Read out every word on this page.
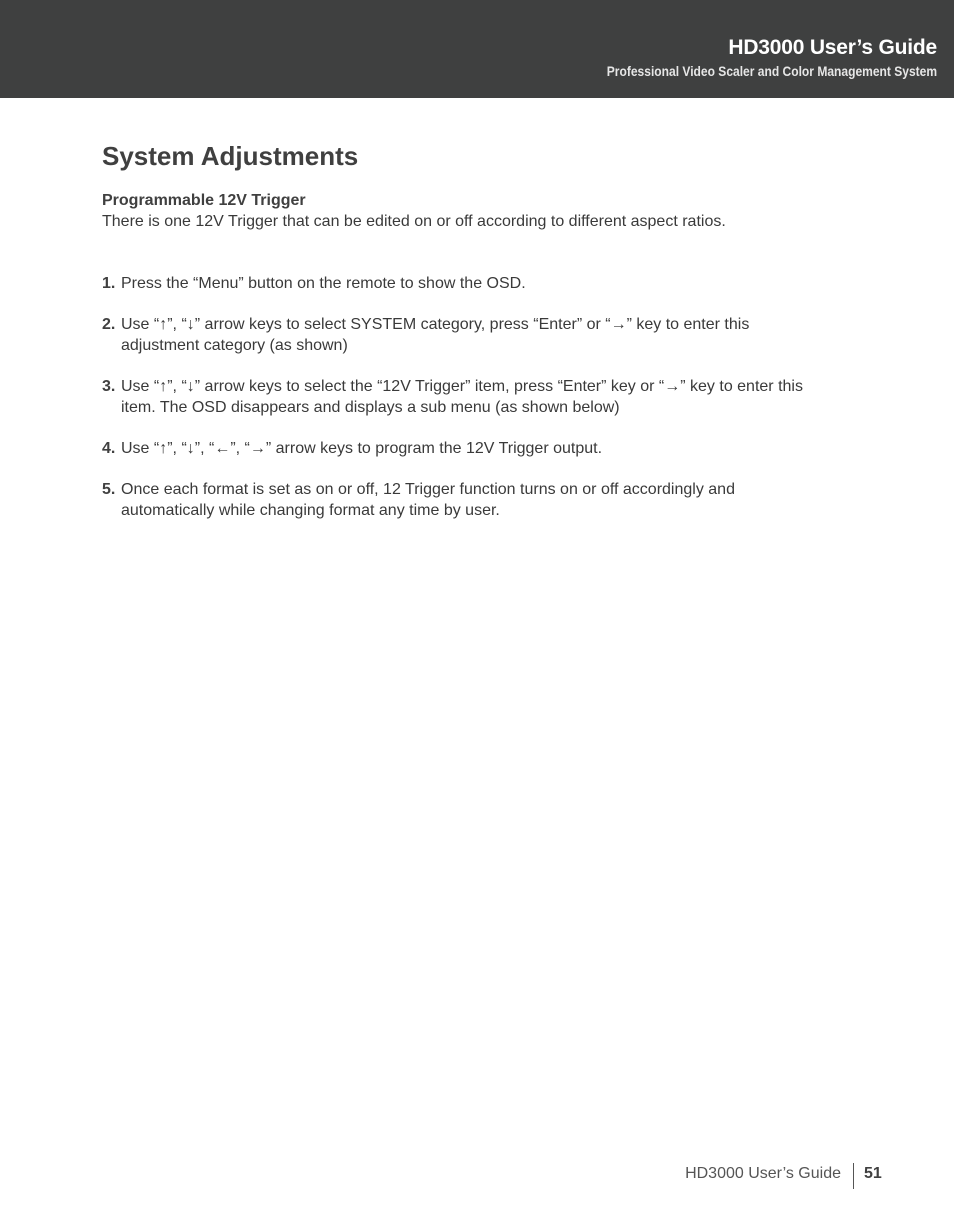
HD3000 User’s Guide
Professional Video Scaler and Color Management System
System Adjustments
Programmable 12V Trigger
There is one 12V Trigger that can be edited on or off according to different aspect ratios.
1. Press the “Menu” button on the remote to show the OSD.
2. Use “↑”, “↓” arrow keys to select SYSTEM category, press “Enter” or “→” key to enter this adjustment category (as shown)
3. Use “↑”, “↓” arrow keys to select the “12V Trigger” item, press “Enter” key or “→” key to enter this item. The OSD disappears and displays a sub menu (as shown below)
4. Use “↑”, “↓”, “←”, “→” arrow keys to program the 12V Trigger output.
5. Once each format is set as on or off, 12 Trigger function turns on or off accordingly and automatically while changing format any time by user.
HD3000 User’s Guide 51
